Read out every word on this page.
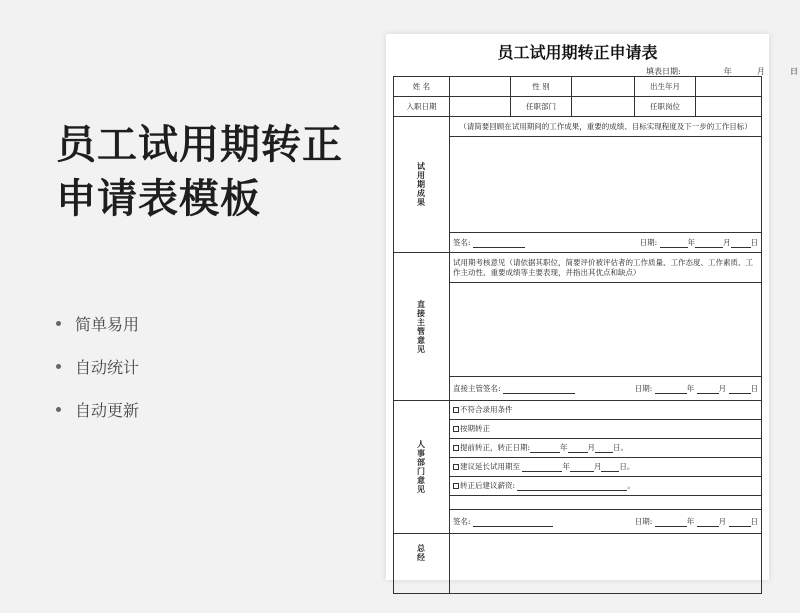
员工试用期转正
申请表模板
简单易用
自动统计
自动更新
员工试用期转正申请表
填表日期:	年	月	日
姓 名		性 别		出生年月	
入职日期		任职部门		任职岗位	

试用期成果	（请简要回顾在试用期间的工作成果，重要的成绩、目标实现程度及下一步的工作目标）				

	签名: 日期: 年 月 日				

直接主管意见	试用期考核意见（请依据其职位，简要评价被评估者的工作质量、工作态度、工作素质、工作主动性、重要成绩等主要表现，并指出其优点和缺点）				

	直接主管签名: 日期: 年 月 日				

人事部门意见	不符合录用条件				
	按期转正				
	提前转正，转正日期: 年 月 日。				
	建议延长试用期至 年 月 日。				
	转正后建议薪资: 。				

	签名: 日期: 年 月 日				

总经					
